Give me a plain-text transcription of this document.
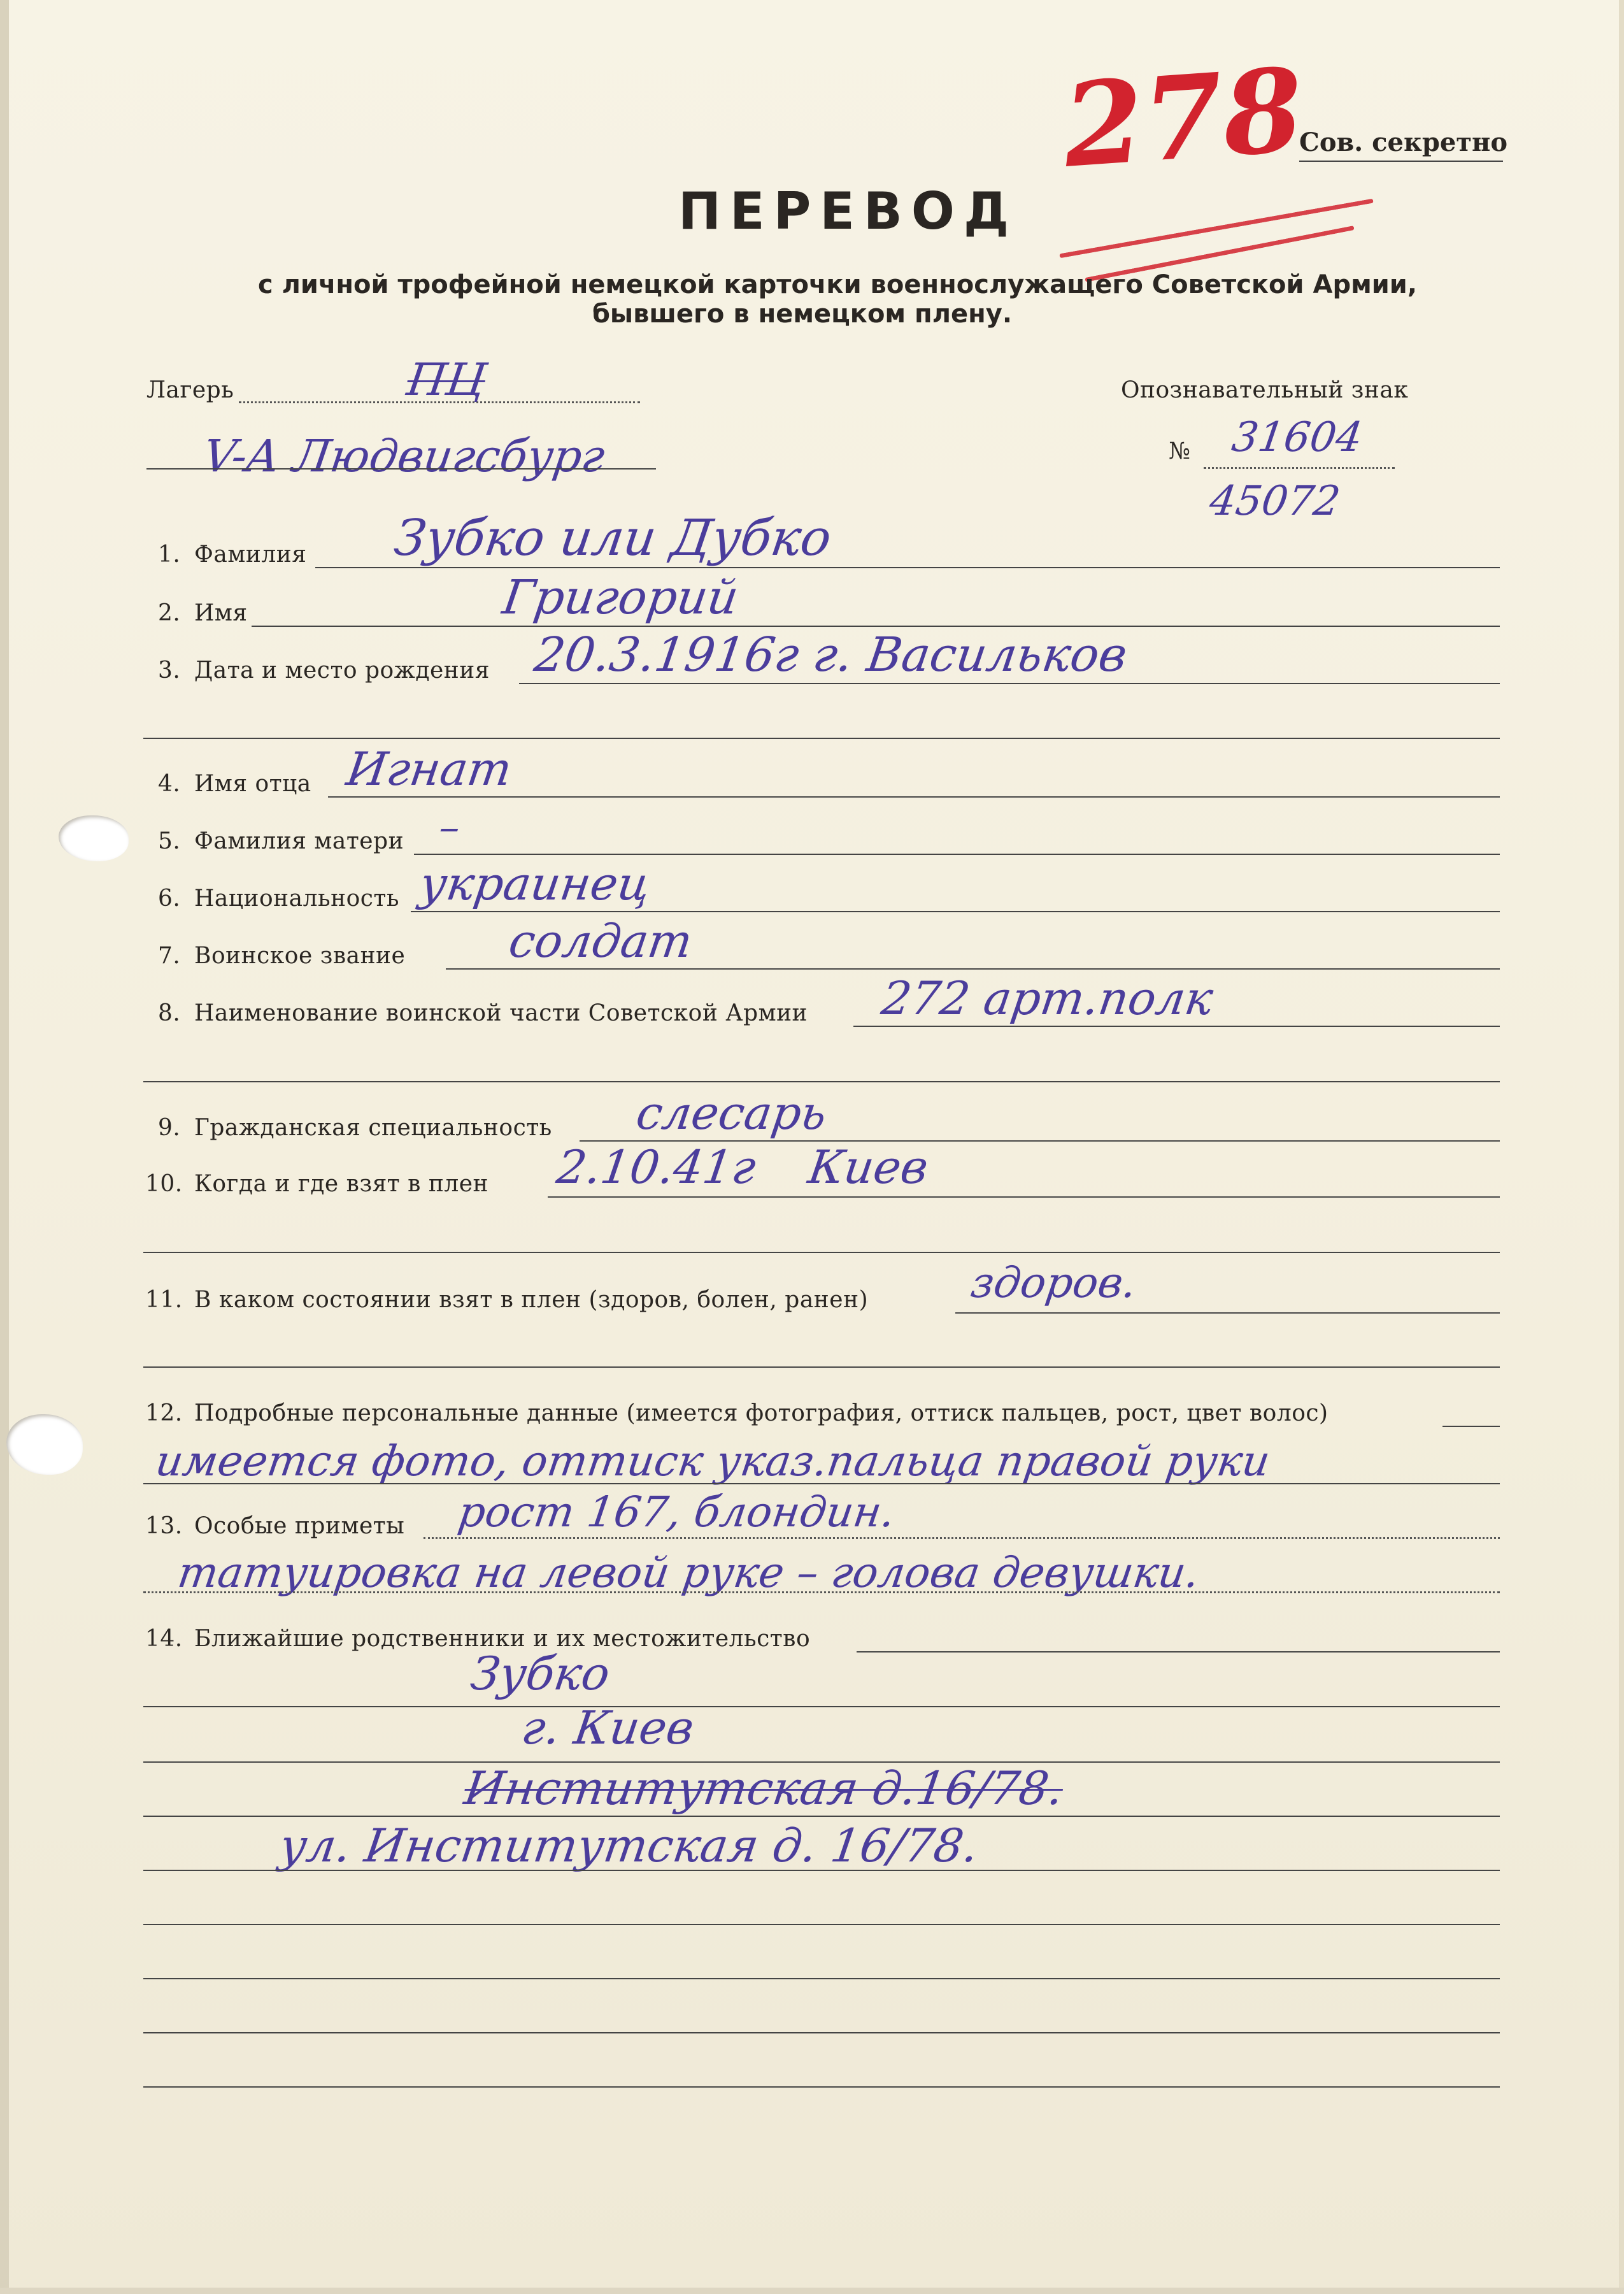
278
Сов. секретно
ПЕРЕВОД
с личной трофейной немецкой карточки военнослужащего Советской Армии,
бывшего в немецком плену.
Лагерь	ПЦ
V-A Людвигсбург
Опознавательный знак
№ 31604
45072
1. Фамилия Зубко или Дубко
2. Имя	Григорий
3. Дата и место рождения 20.3.1916г г. Васильков
4. Имя отца Игнат
5. Фамилия матери –
6. Национальность украинец
7. Воинское звание солдат
8. Наименование воинской части Советской Армии 272 арт.полк
9. Гражданская специальность слесарь
10. Когда и где взят в плен 2.10.41г Киев
11. В каком состоянии взят в плен (здоров, болен, ранен) здоров.
12. Подробные персональные данные (имеется фотография, оттиск пальцев, рост, цвет волос)
имеется фото, оттиск указ.пальца правой руки
13. Особые приметы рост 167, блондин.
татуировка на левой руке – голова девушки.
14. Ближайшие родственники и их местожительство
Зубко
г. Киев
Институтская д.16/78.
ул. Институтская д. 16/78.
